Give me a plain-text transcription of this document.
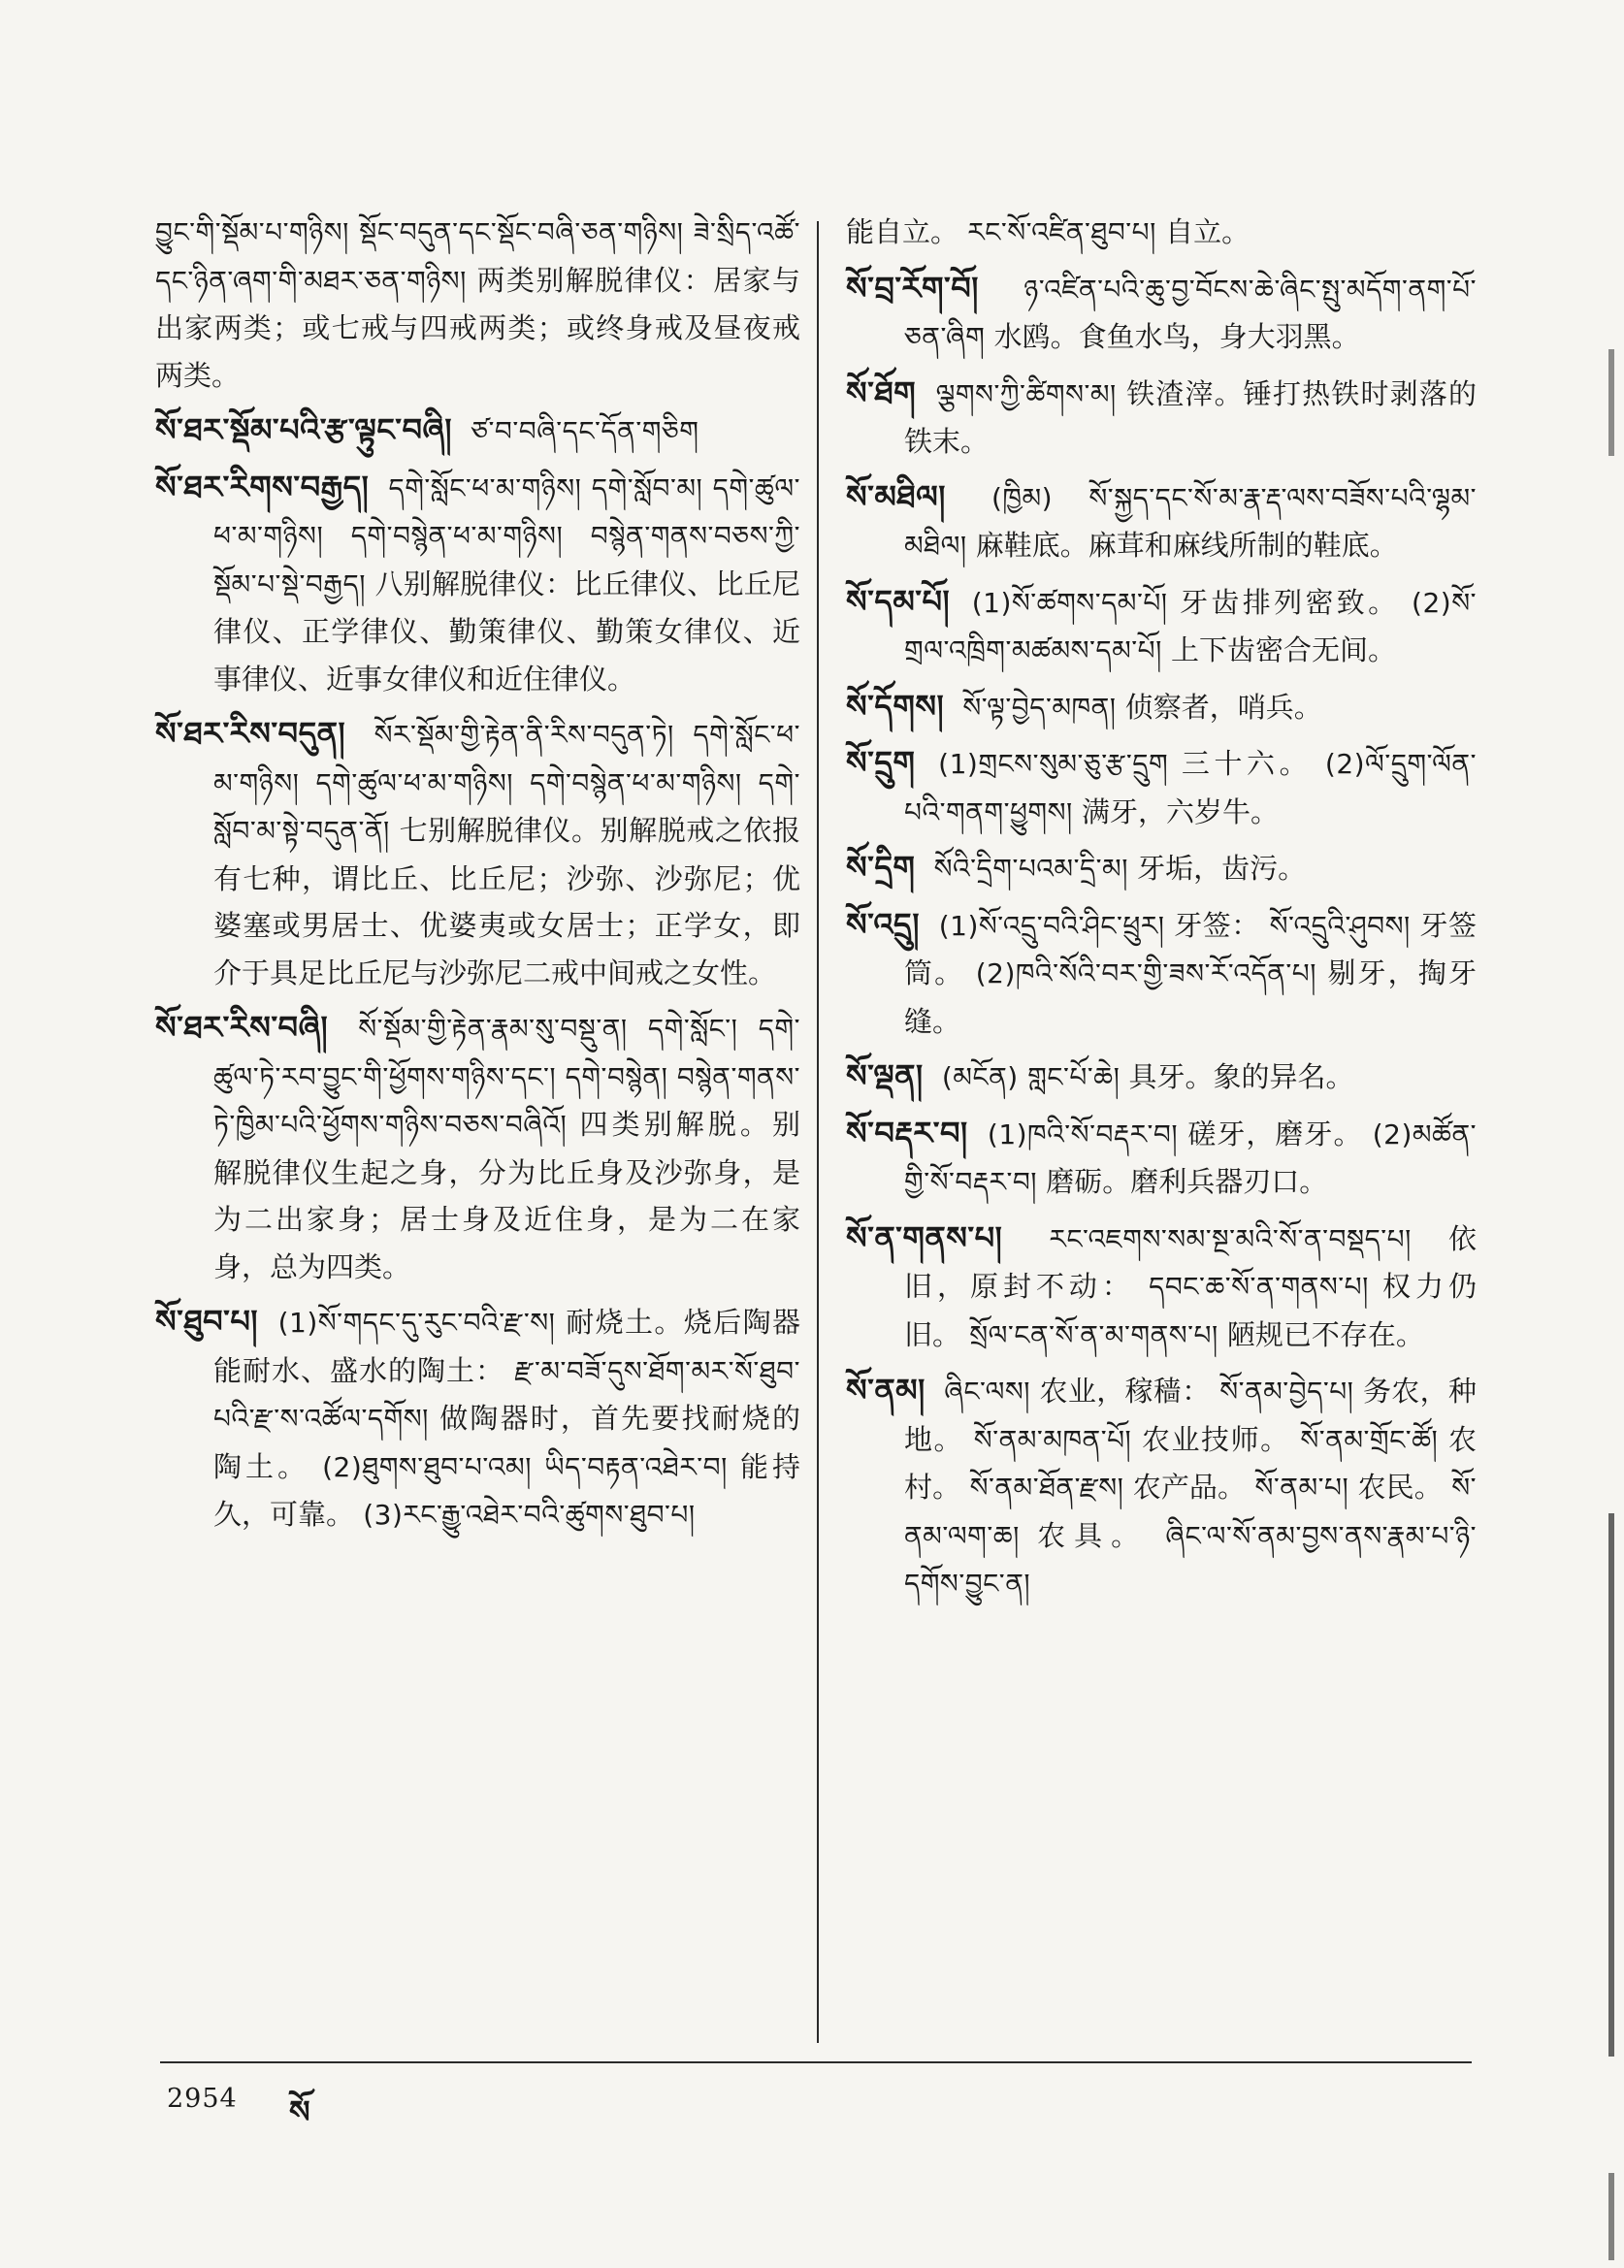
བྱུང་གི་སྡོམ་པ་གཉིས། སྡོང་བདུན་དང་སྡོང་བཞི་ཅན་གཉིས། ཟེ་སྲིད་འཚོ་དང་ཉིན་ཞག་གི་མཐར་ཅན་གཉིས། 两类别解脱律仪：居家与出家两类；或七戒与四戒两类；或终身戒及昼夜戒两类。
སོ་ཐར་སྡོམ་པའི་རྩ་ལྟུང་བཞི། ཙ་བ་བཞི་དང་དོན་གཅིག
སོ་ཐར་རིགས་བརྒྱད། དགེ་སློང་ཕ་མ་གཉིས། དགེ་སློབ་མ། དགེ་ཚུལ་ཕ་མ་གཉིས། དགེ་བསྙེན་ཕ་མ་གཉིས། བསྙེན་གནས་བཅས་ཀྱི་སྡོམ་པ་སྡེ་བརྒྱད། 八别解脱律仪：比丘律仪、比丘尼律仪、正学律仪、勤策律仪、勤策女律仪、近事律仪、近事女律仪和近住律仪。
སོ་ཐར་རིས་བདུན། སོར་སྡོམ་གྱི་རྟེན་ནི་རིས་བདུན་ཏེ། དགེ་སློང་ཕ་མ་གཉིས། དགེ་ཚུལ་ཕ་མ་གཉིས། དགེ་བསྙེན་ཕ་མ་གཉིས། དགེ་སློབ་མ་སྟེ་བདུན་ནོ། 七别解脱律仪。别解脱戒之依报有七种，谓比丘、比丘尼；沙弥、沙弥尼；优婆塞或男居士、优婆夷或女居士；正学女，即介于具足比丘尼与沙弥尼二戒中间戒之女性。
སོ་ཐར་རིས་བཞི། སོ་སྡོམ་གྱི་རྟེན་རྣམ་སུ་བསྡུ་ན། དགེ་སློང་། དགེ་ཚུལ་ཏེ་རབ་བྱུང་གི་ཕྱོགས་གཉིས་དང་། དགེ་བསྙེན། བསྙེན་གནས་ཏེ་ཁྱིམ་པའི་ཕྱོགས་གཉིས་བཅས་བཞིའོ། 四类别解脱。别解脱律仪生起之身，分为比丘身及沙弥身，是为二出家身；居士身及近住身，是为二在家身，总为四类。
སོ་ཐུབ་པ། (1)སོ་གདང་དུ་རུང་བའི་རྫ་ས། 耐烧土。烧后陶器能耐水、盛水的陶土： རྫ་མ་བཟོ་དུས་ཐོག་མར་སོ་ཐུབ་པའི་རྫ་ས་འཚོལ་དགོས། 做陶器时，首先要找耐烧的陶土。 (2)ཐུགས་ཐུབ་པ་འམ། ཡིད་བརྟན་འཐེར་བ། 能持久，可靠。 (3)རང་རྒྱུ་འཐེར་བའི་ཚུགས་ཐུབ་པ།
能自立。 རང་སོ་འཛིན་ཐུབ་པ། 自立。
སོ་བྲ་རོག་བོ། ཉ་འཛིན་པའི་ཆུ་བྱ་བོངས་ཆེ་ཞིང་སྤུ་མདོག་ནག་པོ་ཅན་ཞིག 水鸥。食鱼水鸟，身大羽黑。
སོ་ཐོག ལྕགས་ཀྱི་ཚིགས་མ། 铁渣滓。锤打热铁时剥落的铁末。
སོ་མཐིལ། (ཁྱིམ) སོ་སྐྱད་དང་སོ་མ་རྣ་རྡ་ལས་བཟོས་པའི་ལྷམ་མཐིལ། 麻鞋底。麻茸和麻线所制的鞋底。
སོ་དམ་པོ། (1)སོ་ཚགས་དམ་པོ། 牙齿排列密致。 (2)སོ་གྲལ་འཁྲིག་མཚམས་དམ་པོ། 上下齿密合无间。
སོ་དོགས། སོ་ལྟ་བྱེད་མཁན། 侦察者，哨兵。
སོ་དྲུག (1)གྲངས་སུམ་ཅུ་རྩ་དྲུག 三十六。 (2)ལོ་དྲུག་ལོན་པའི་གནག་ཕྱུགས། 满牙，六岁牛。
སོ་དྲིག སོའི་དྲིག་པའམ་དྲི་མ། 牙垢，齿污。
སོ་འདྲུ། (1)སོ་འདྲུ་བའི་ཤིང་ཕྲུར། 牙签： སོ་འདྲུའི་ཤུབས། 牙签筒。 (2)ཁའི་སོའི་བར་གྱི་ཟས་རོ་འདོན་པ། 剔牙，掏牙缝。
སོ་ལྡན། (མངོན) གླང་པོ་ཆེ། 具牙。象的异名。
སོ་བརྡར་བ། (1)ཁའི་སོ་བརྡར་བ། 磋牙，磨牙。 (2)མཚོན་གྱི་སོ་བརྡར་བ། 磨砺。磨利兵器刃口。
སོ་ན་གནས་པ། རང་འཇགས་སམ་སྔ་མའི་སོ་ན་བསྡད་པ། 依旧，原封不动： དབང་ཆ་སོ་ན་གནས་པ། 权力仍旧。 སྲོལ་ངན་སོ་ན་མ་གནས་པ། 陋规已不存在。
སོ་ནམ། ཞིང་ལས། 农业，稼穑： སོ་ནམ་བྱེད་པ། 务农，种地。 སོ་ནམ་མཁན་པོ། 农业技师。 སོ་ནམ་གྲོང་ཚོ། 农村。 སོ་ནམ་ཐོན་རྫས། 农产品。 སོ་ནམ་པ། 农民。 སོ་ནམ་ལག་ཆ། 农具。 ཞིང་ལ་སོ་ནམ་བྱས་ནས་རྣམ་པ་ཉི་དགོས་བྱུང་ན།
2954 སོ
